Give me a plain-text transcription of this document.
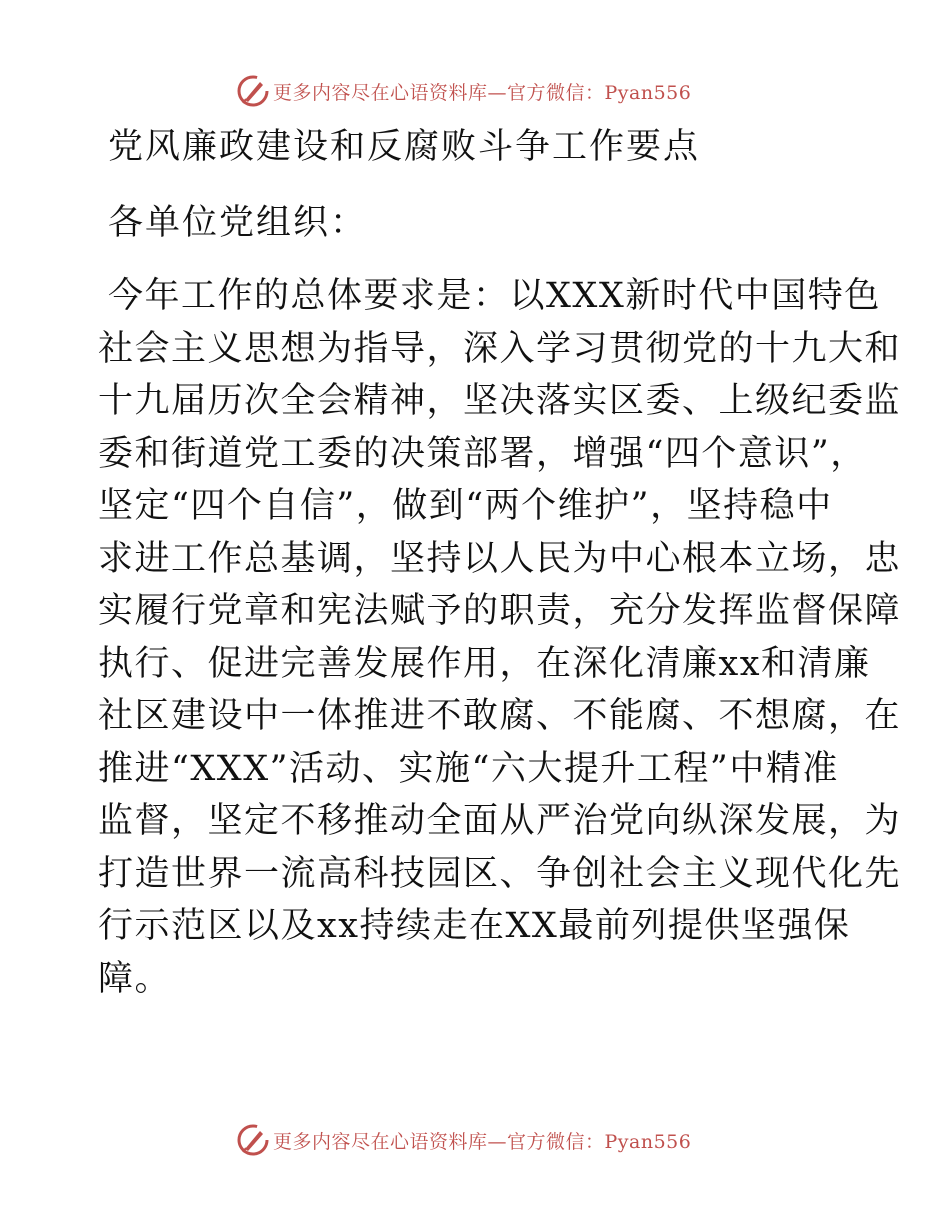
更多内容尽在心语资料库—官方微信：Pyan556
党风廉政建设和反腐败斗争工作要点

各单位党组织：

今年工作的总体要求是：以XXX新时代中国特色
社会主义思想为指导，深入学习贯彻党的十九大和
十九届历次全会精神，坚决落实区委、上级纪委监
委和街道党工委的决策部署，增强“四个意识”，
坚定“四个自信”，做到“两个维护”，坚持稳中
求进工作总基调，坚持以人民为中心根本立场，忠
实履行党章和宪法赋予的职责，充分发挥监督保障
执行、促进完善发展作用，在深化清廉xx和清廉
社区建设中一体推进不敢腐、不能腐、不想腐，在
推进“XXX”活动、实施“六大提升工程”中精准
监督，坚定不移推动全面从严治党向纵深发展，为
打造世界一流高科技园区、争创社会主义现代化先
行示范区以及xx持续走在XX最前列提供坚强保
障。
更多内容尽在心语资料库—官方微信：Pyan556
